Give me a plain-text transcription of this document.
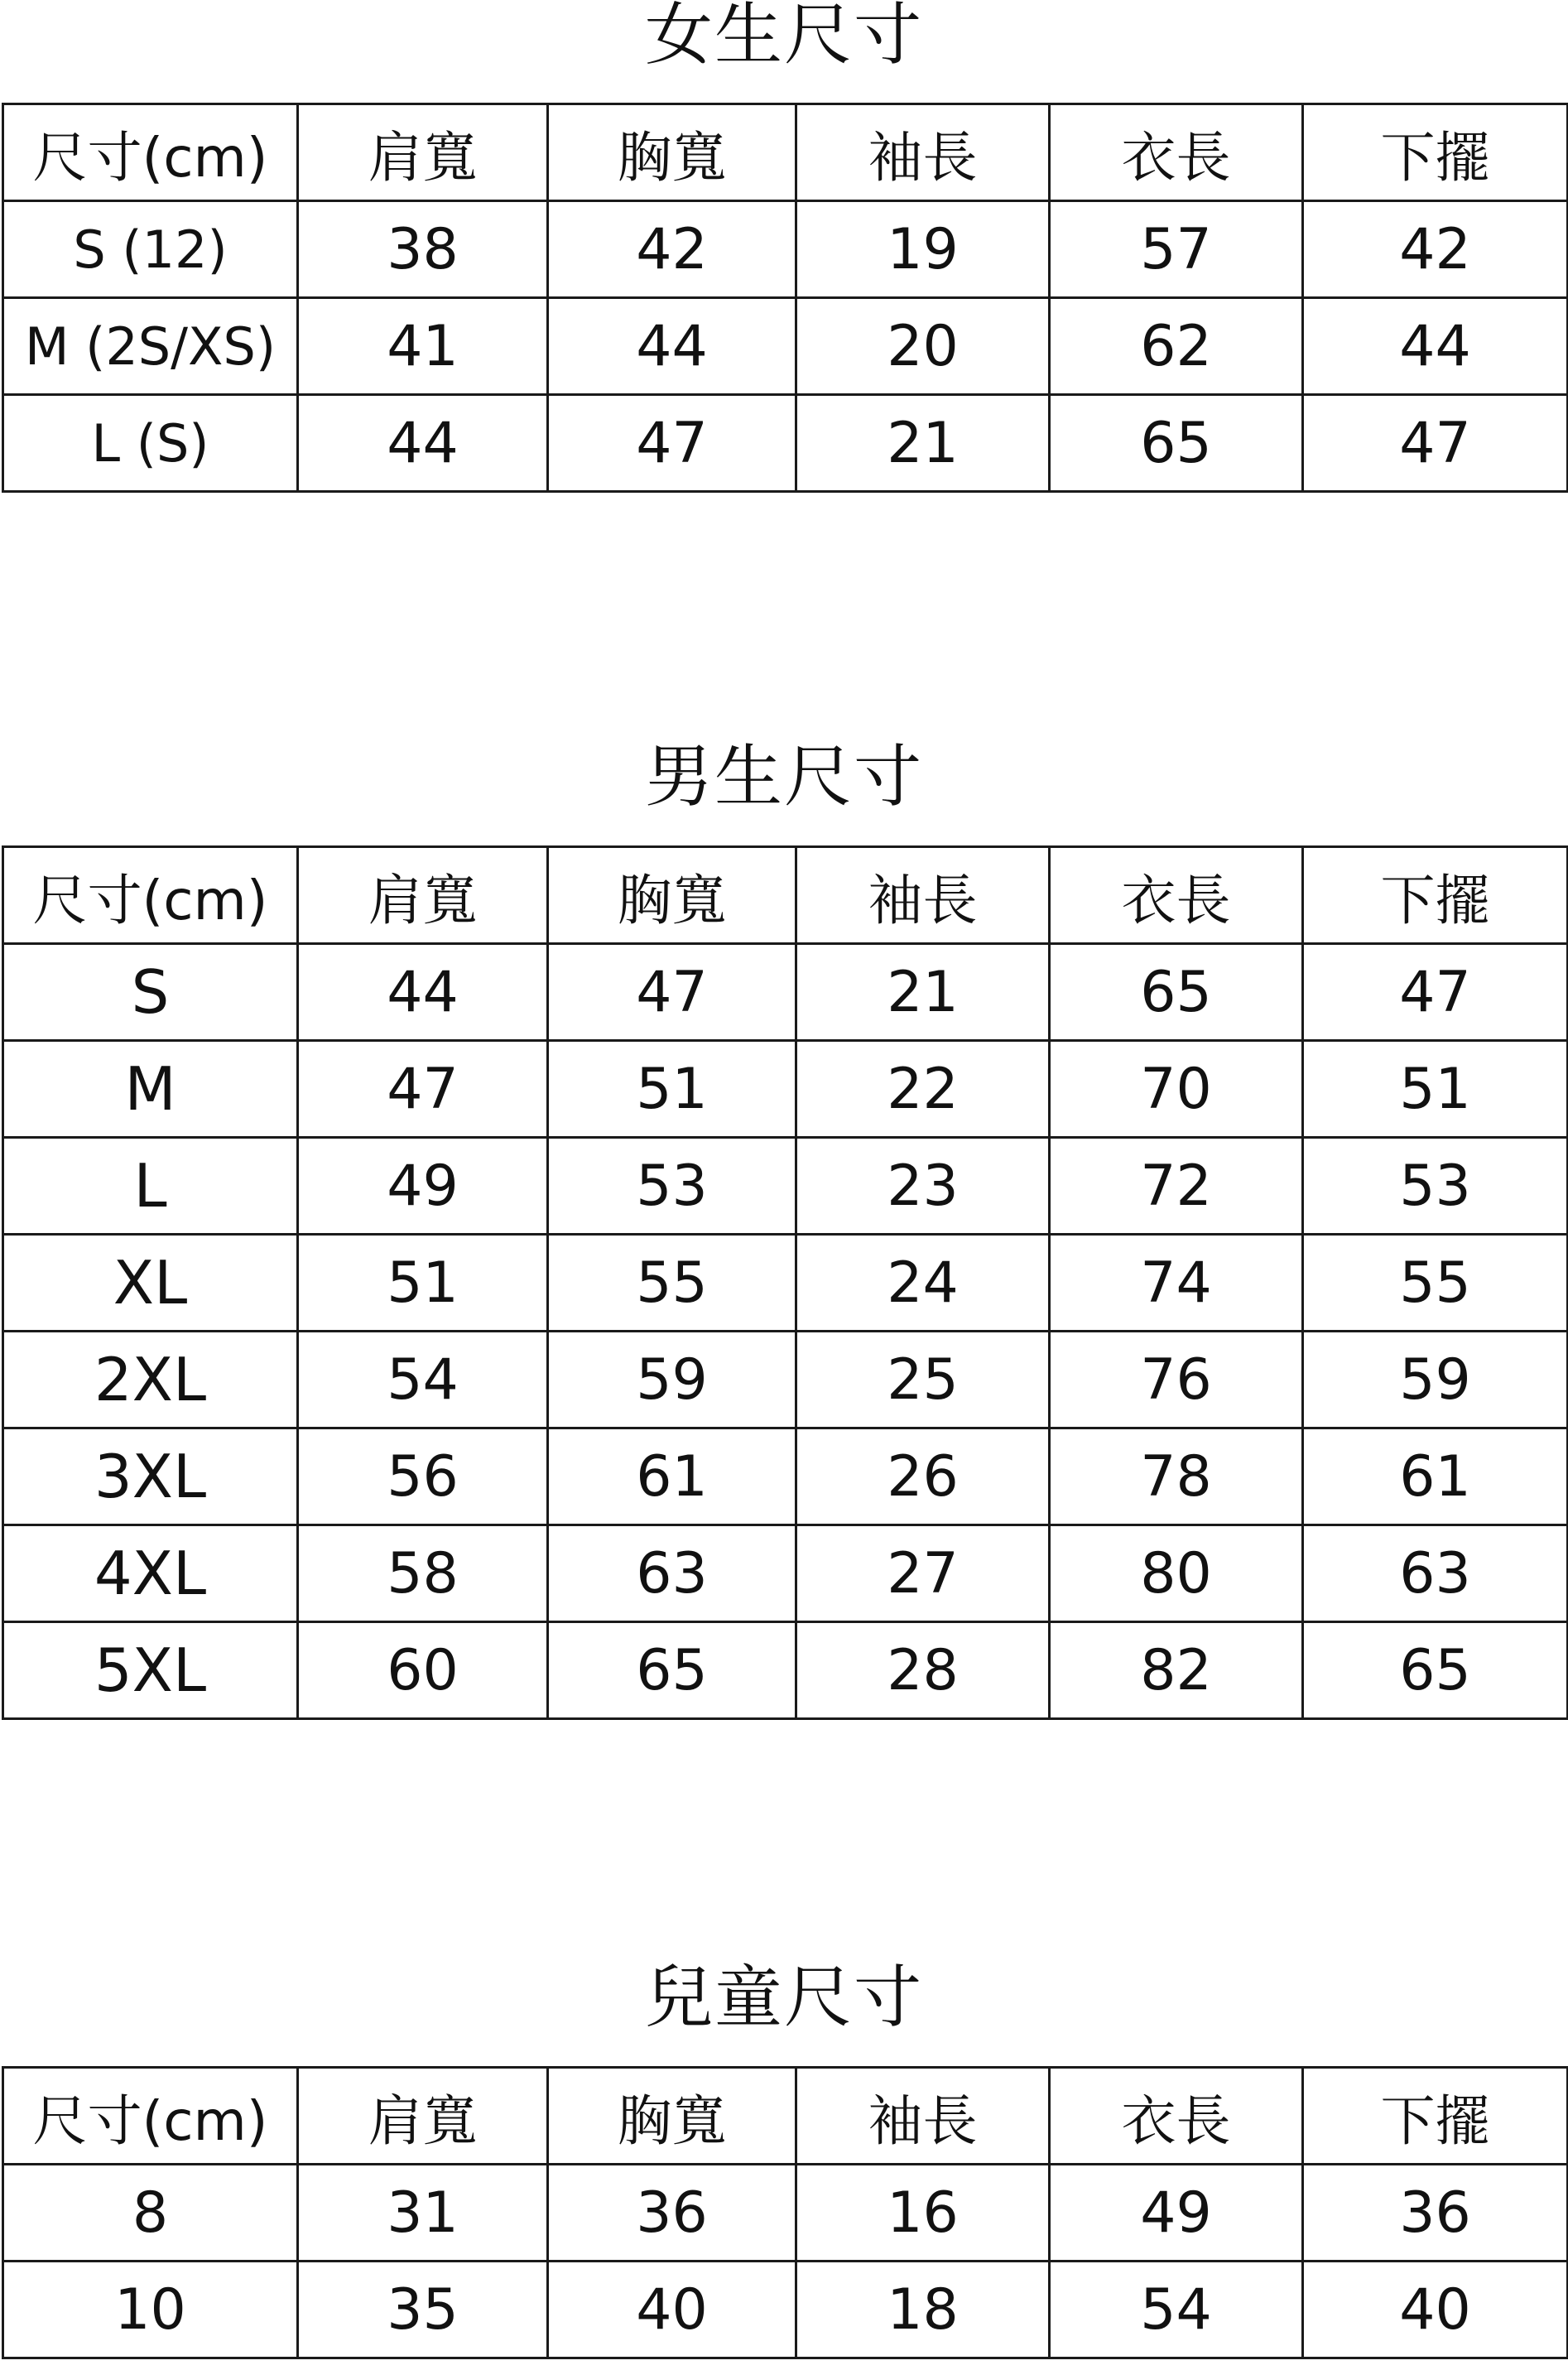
女生尺寸
尺寸(cm)	肩寬	胸寬	袖長	衣長	下擺
S (12)	38	42	19	57	42
M (2S/XS)	41	44	20	62	44
L (S)	44	47	21	65	47
男生尺寸
尺寸(cm)	肩寬	胸寬	袖長	衣長	下擺
S	44	47	21	65	47
M	47	51	22	70	51
L	49	53	23	72	53
XL	51	55	24	74	55
2XL	54	59	25	76	59
3XL	56	61	26	78	61
4XL	58	63	27	80	63
5XL	60	65	28	82	65
兒童尺寸
尺寸(cm)	肩寬	胸寬	袖長	衣長	下擺
8	31	36	16	49	36
10	35	40	18	54	40
